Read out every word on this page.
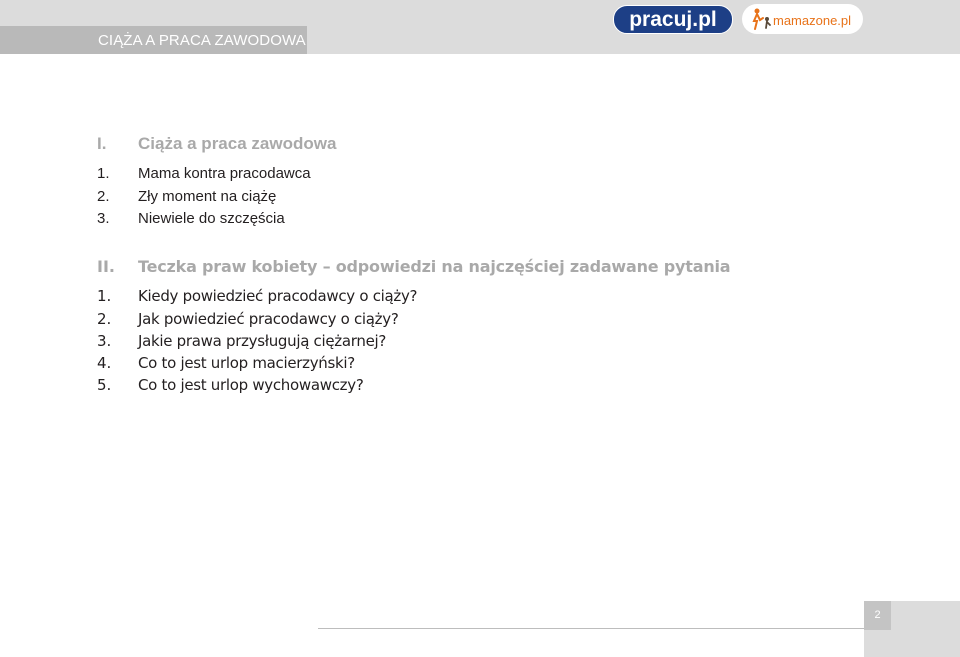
CIĄŻA A PRACA ZAWODOWA
pracuj.pl	mamazone.pl
I. Ciąża a praca zawodowa
1. Mama kontra pracodawca
2. Zły moment na ciążę
3. Niewiele do szczęścia
II. Teczka praw kobiety – odpowiedzi na najczęściej zadawane pytania
1. Kiedy powiedzieć pracodawcy o ciąży?
2. Jak powiedzieć pracodawcy o ciąży?
3. Jakie prawa przysługują ciężarnej?
4. Co to jest urlop macierzyński?
5. Co to jest urlop wychowawczy?
2
